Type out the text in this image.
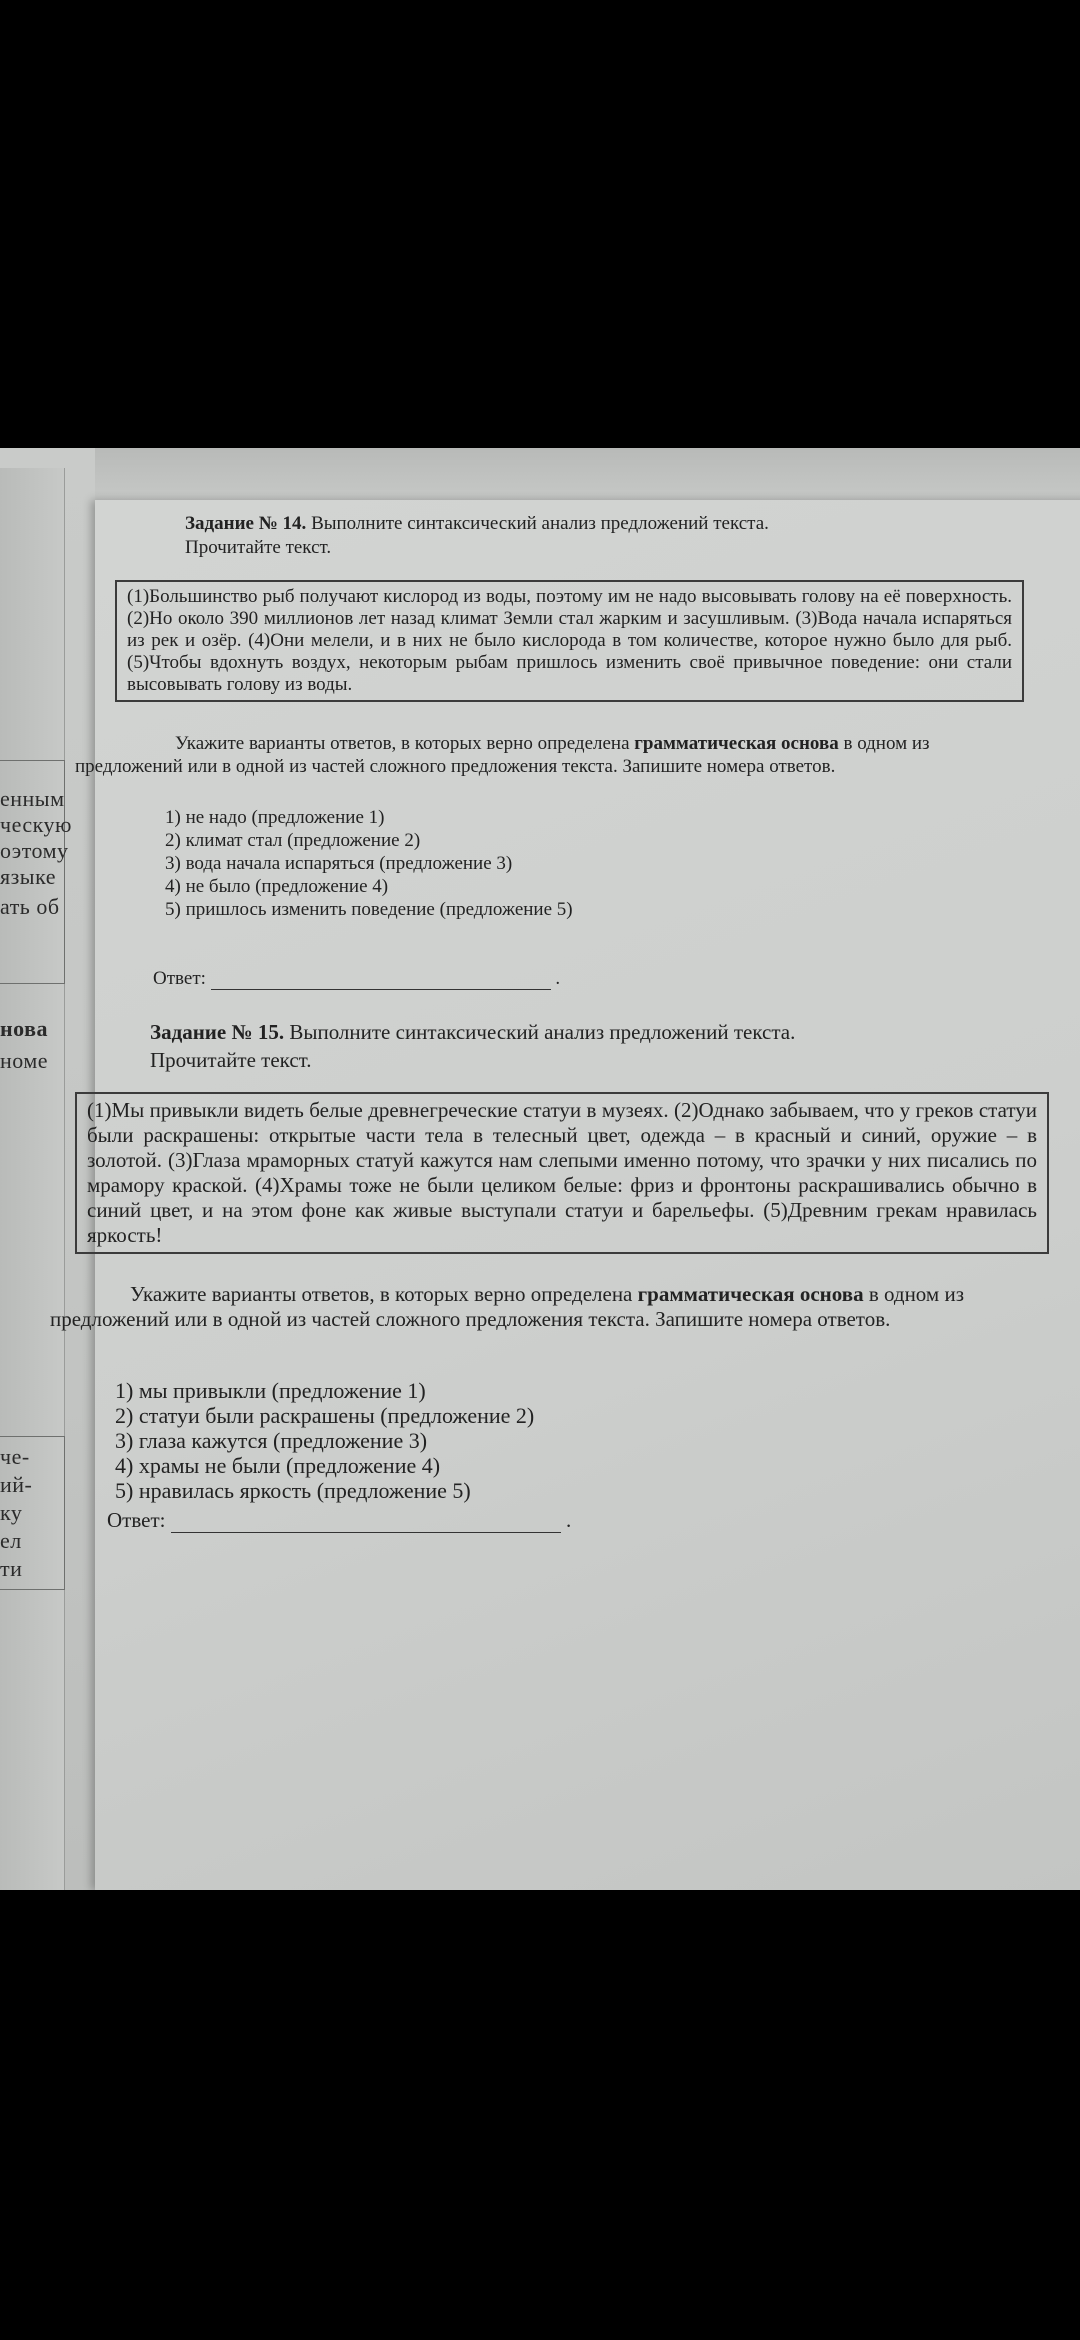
енным
ческую
оэтому
языке
ать об
нова
номе
че-
ий-
ку
ел
ти
Задание № 14. Выполните синтаксический анализ предложений текста.
Прочитайте текст.
(1)Большинство рыб получают кислород из воды, поэтому им не надо высовывать голову на её поверхность. (2)Но около 390 миллионов лет назад климат Земли стал жарким и засушливым. (3)Вода начала испаряться из рек и озёр. (4)Они мелели, и в них не было кислорода в том количестве, которое нужно было для рыб. (5)Чтобы вдохнуть воздух, некоторым рыбам пришлось изменить своё привычное поведение: они стали высовывать голову из воды.
Укажите варианты ответов, в которых верно определена грамматическая основа в одном из предложений или в одной из частей сложного предложения текста. Запишите номера ответов.
1) не надо (предложение 1)
2) климат стал (предложение 2)
3) вода начала испаряться (предложение 3)
4) не было (предложение 4)
5) пришлось изменить поведение (предложение 5)
Ответ:	.
Задание № 15. Выполните синтаксический анализ предложений текста.
Прочитайте текст.
(1)Мы привыкли видеть белые древнегреческие статуи в музеях. (2)Однако забываем, что у греков статуи были раскрашены: открытые части тела в телесный цвет, одежда – в красный и синий, оружие – в золотой. (3)Глаза мраморных статуй кажутся нам слепыми именно потому, что зрачки у них писались по мрамору краской. (4)Храмы тоже не были целиком белые: фриз и фронтоны раскрашивались обычно в синий цвет, и на этом фоне как живые выступали статуи и барельефы. (5)Древним грекам нравилась яркость!
Укажите варианты ответов, в которых верно определена грамматическая основа в одном из предложений или в одной из частей сложного предложения текста. Запишите номера ответов.
1) мы привыкли (предложение 1)
2) статуи были раскрашены (предложение 2)
3) глаза кажутся (предложение 3)
4) храмы не были (предложение 4)
5) нравилась яркость (предложение 5)
Ответ:	.
